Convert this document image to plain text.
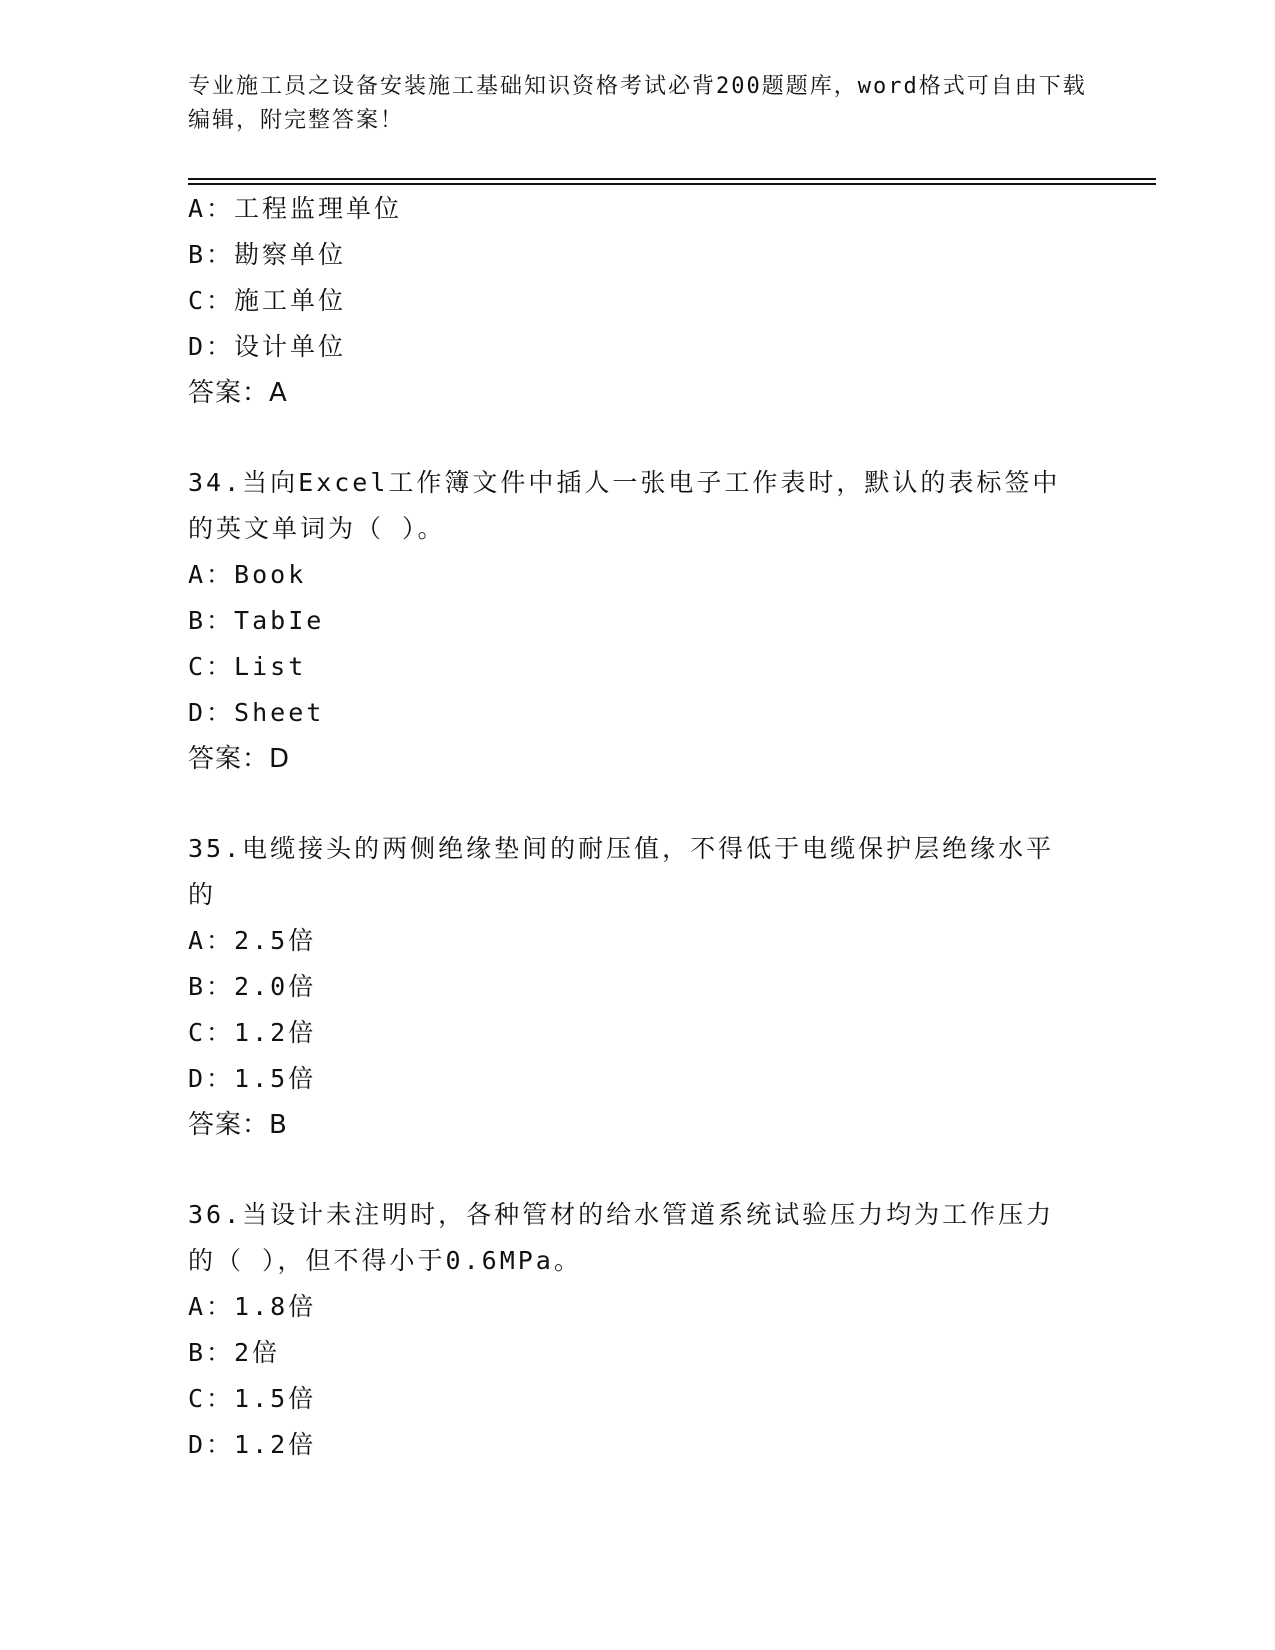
专业施工员之设备安装施工基础知识资格考试必背200题题库，word格式可自由下载编辑，附完整答案！
A：工程监理单位
B：勘察单位
C：施工单位
D：设计单位
答案：A
34.当向Excel工作簿文件中插人一张电子工作表时，默认的表标签中的英文单词为（ ）。
A：Book
B：TabIe
C：List
D：Sheet
答案：D
35.电缆接头的两侧绝缘垫间的耐压值，不得低于电缆保护层绝缘水平的
A：2.5倍
B：2.0倍
C：1.2倍
D：1.5倍
答案：B
36.当设计未注明时，各种管材的给水管道系统试验压力均为工作压力的（ ），但不得小于0.6MPa。
A：1.8倍
B：2倍
C：1.5倍
D：1.2倍
